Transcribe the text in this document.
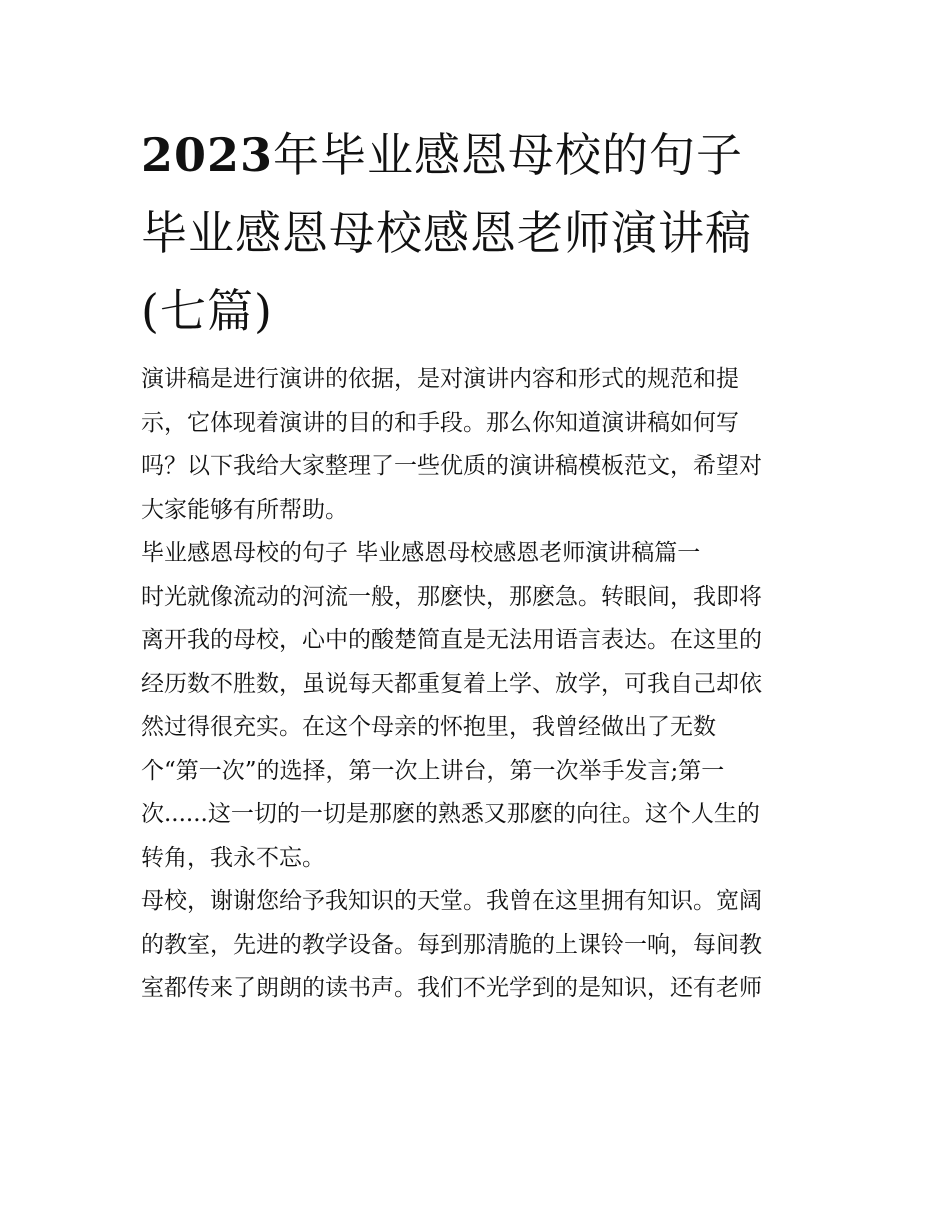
2023年毕业感恩母校的句子
毕业感恩母校感恩老师演讲稿
(七篇)
演讲稿是进行演讲的依据，是对演讲内容和形式的规范和提
示，它体现着演讲的目的和手段。那么你知道演讲稿如何写
吗？以下我给大家整理了一些优质的演讲稿模板范文，希望对
大家能够有所帮助。
毕业感恩母校的句子 毕业感恩母校感恩老师演讲稿篇一
时光就像流动的河流一般，那麽快，那麽急。转眼间，我即将
离开我的母校，心中的酸楚简直是无法用语言表达。在这里的
经历数不胜数，虽说每天都重复着上学、放学，可我自己却依
然过得很充实。在这个母亲的怀抱里，我曾经做出了无数
个“第一次”的选择，第一次上讲台，第一次举手发言;第一
次......这一切的一切是那麽的熟悉又那麽的向往。这个人生的
转角，我永不忘。
母校，谢谢您给予我知识的天堂。我曾在这里拥有知识。宽阔
的教室，先进的教学设备。每到那清脆的上课铃一响，每间教
室都传来了朗朗的读书声。我们不光学到的是知识，还有老师
